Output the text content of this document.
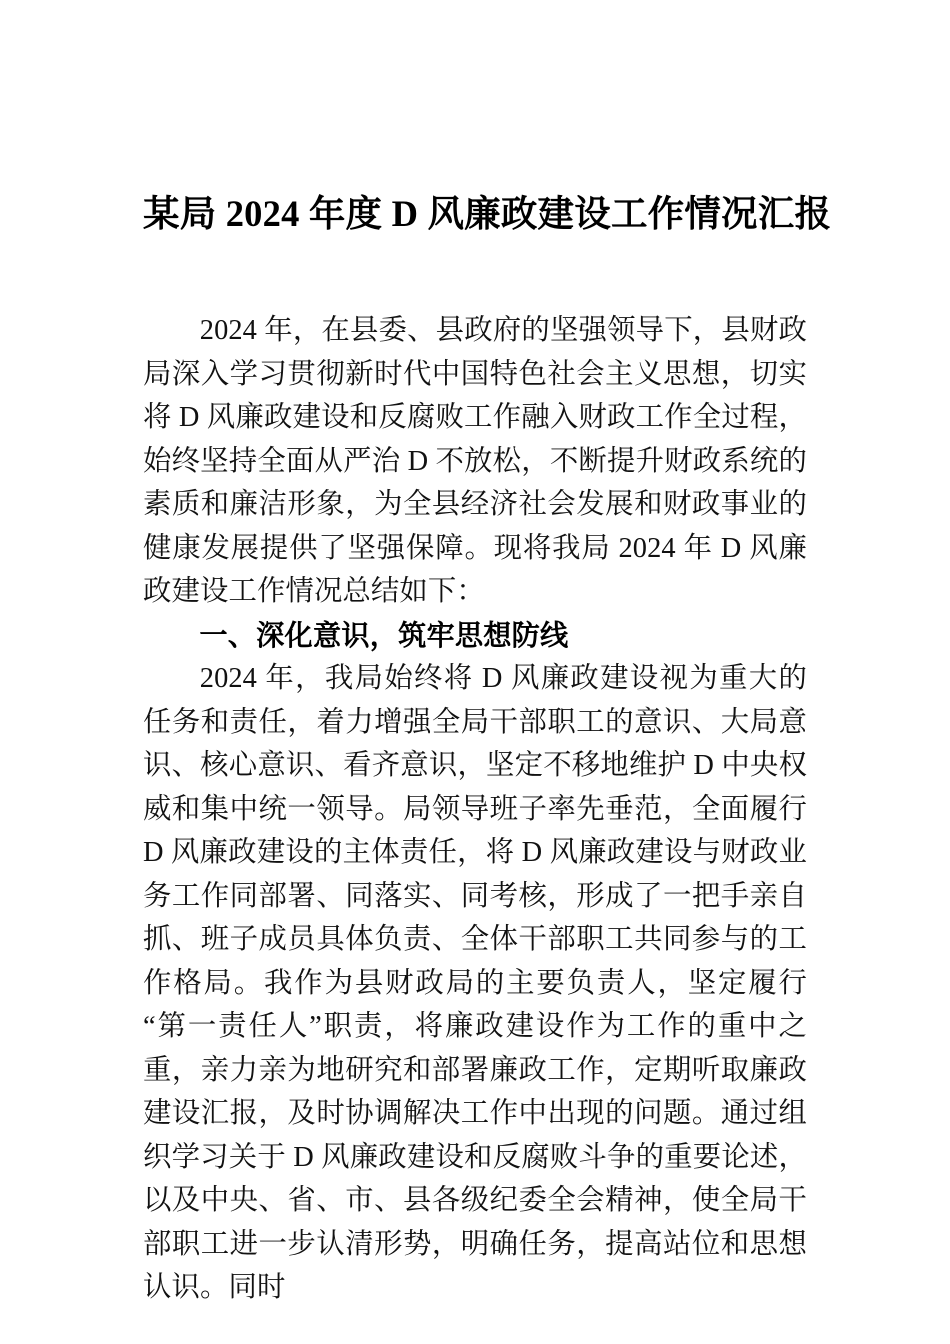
某局 2024 年度 D 风廉政建设工作情况汇报

2024 年，在县委、县政府的坚强领导下，县财政局深入学习贯彻新时代中国特色社会主义思想，切实将 D 风廉政建设和反腐败工作融入财政工作全过程，始终坚持全面从严治 D 不放松，不断提升财政系统的素质和廉洁形象，为全县经济社会发展和财政事业的健康发展提供了坚强保障。现将我局 2024 年 D 风廉政建设工作情况总结如下：

一、深化意识，筑牢思想防线

2024 年，我局始终将 D 风廉政建设视为重大的任务和责任，着力增强全局干部职工的意识、大局意识、核心意识、看齐意识，坚定不移地维护 D 中央权威和集中统一领导。局领导班子率先垂范，全面履行 D 风廉政建设的主体责任，将 D 风廉政建设与财政业务工作同部署、同落实、同考核，形成了一把手亲自抓、班子成员具体负责、全体干部职工共同参与的工作格局。我作为县财政局的主要负责人，坚定履行“第一责任人”职责，将廉政建设作为工作的重中之重，亲力亲为地研究和部署廉政工作，定期听取廉政建设汇报，及时协调解决工作中出现的问题。通过组织学习关于 D 风廉政建设和反腐败斗争的重要论述，以及中央、省、市、县各级纪委全会精神，使全局干部职工进一步认清形势，明确任务，提高站位和思想认识。同时
